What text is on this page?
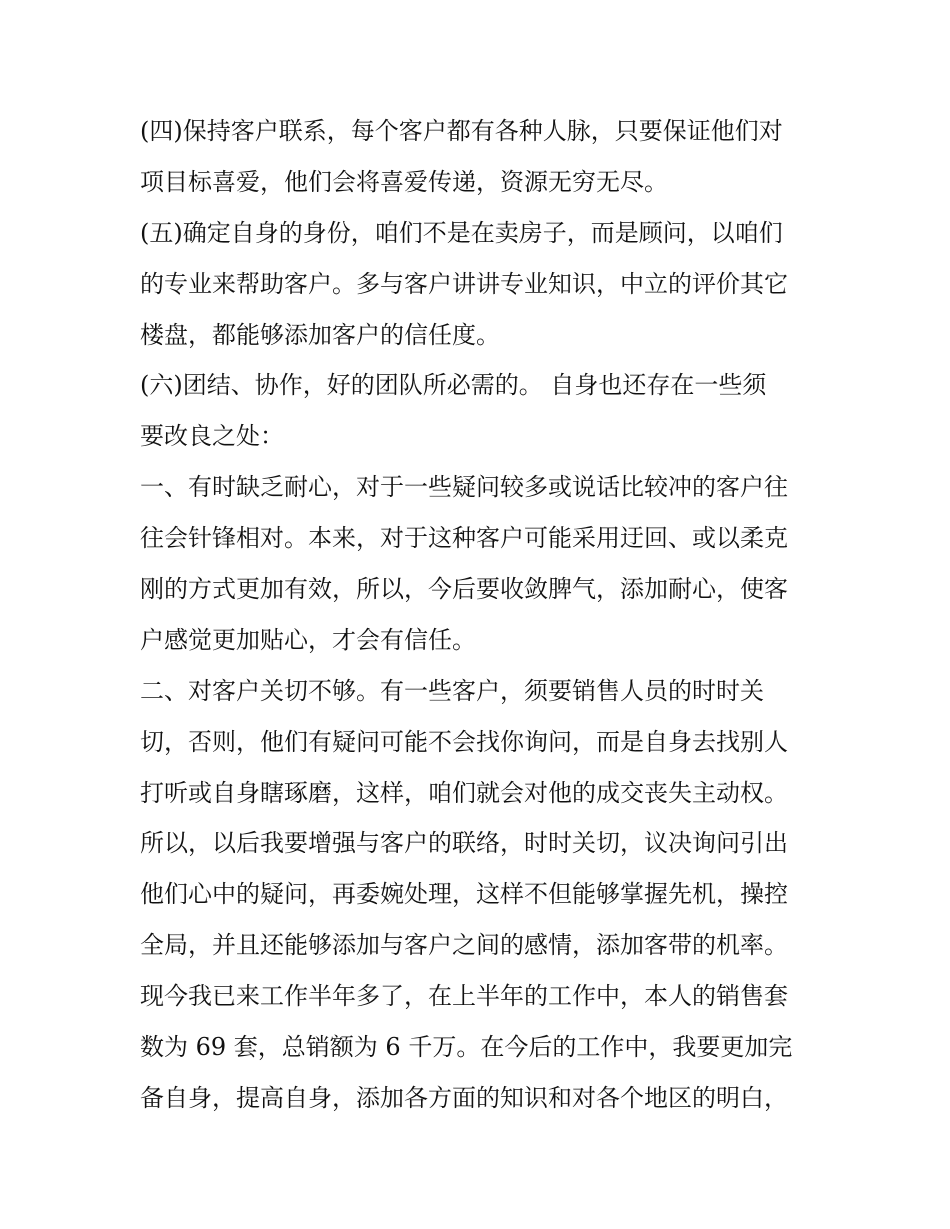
(四)保持客户联系，每个客户都有各种人脉，只要保证他们对
项目标喜爱，他们会将喜爱传递，资源无穷无尽。
(五)确定自身的身份，咱们不是在卖房子，而是顾问，以咱们
的专业来帮助客户。多与客户讲讲专业知识，中立的评价其它
楼盘，都能够添加客户的信任度。
(六)团结、协作，好的团队所必需的。 自身也还存在一些须
要改良之处：
一、有时缺乏耐心，对于一些疑问较多或说话比较冲的客户往
往会针锋相对。本来，对于这种客户可能采用迂回、或以柔克
刚的方式更加有效，所以，今后要收敛脾气，添加耐心，使客
户感觉更加贴心，才会有信任。
二、对客户关切不够。有一些客户，须要销售人员的时时关
切，否则，他们有疑问可能不会找你询问，而是自身去找别人
打听或自身瞎琢磨，这样，咱们就会对他的成交丧失主动权。
所以，以后我要增强与客户的联络，时时关切，议决询问引出
他们心中的疑问，再委婉处理，这样不但能够掌握先机，操控
全局，并且还能够添加与客户之间的感情，添加客带的机率。
现今我已来工作半年多了，在上半年的工作中，本人的销售套
数为 69 套，总销额为 6 千万。在今后的工作中，我要更加完
备自身，提高自身，添加各方面的知识和对各个地区的明白，
